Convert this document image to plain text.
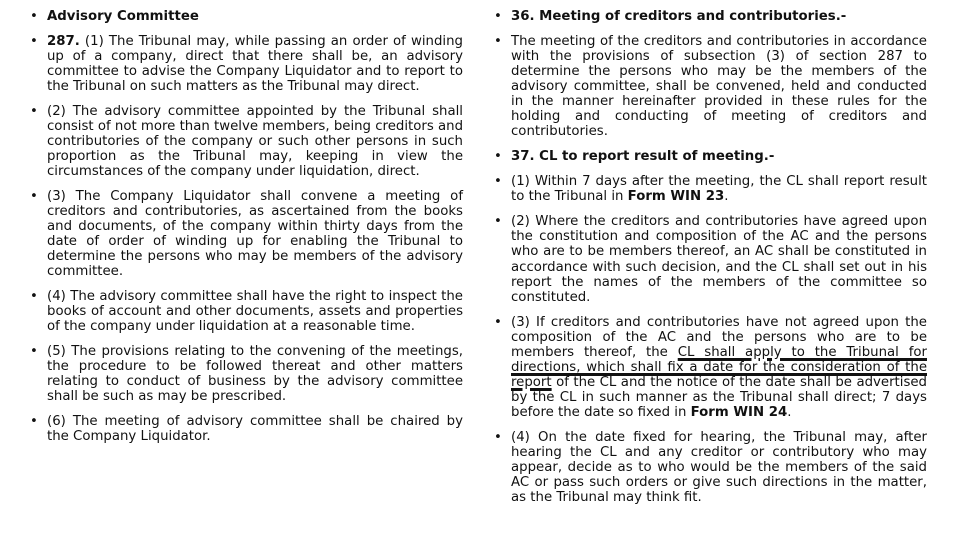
• Advisory Committee
• 287. (1) The Tribunal may, while passing an order of winding up of a company, direct that there shall be, an advisory committee to advise the Company Liquidator and to report to the Tribunal on such matters as the Tribunal may direct.
• (2) The advisory committee appointed by the Tribunal shall consist of not more than twelve members, being creditors and contributories of the company or such other persons in such proportion as the Tribunal may, keeping in view the circumstances of the company under liquidation, direct.
• (3) The Company Liquidator shall convene a meeting of creditors and contributories, as ascertained from the books and documents, of the company within thirty days from the date of order of winding up for enabling the Tribunal to determine the persons who may be members of the advisory committee.
• (4) The advisory committee shall have the right to inspect the books of account and other documents, assets and properties of the company under liquidation at a reasonable time.
• (5) The provisions relating to the convening of the meetings, the procedure to be followed thereat and other matters relating to conduct of business by the advisory committee shall be such as may be prescribed.
• (6) The meeting of advisory committee shall be chaired by the Company Liquidator.
• 36. Meeting of creditors and contributories.-
• The meeting of the creditors and contributories in accordance with the provisions of subsection (3) of section 287 to determine the persons who may be the members of the advisory committee, shall be convened, held and conducted in the manner hereinafter provided in these rules for the holding and conducting of meeting of creditors and contributories.
• 37. CL to report result of meeting.-
• (1) Within 7 days after the meeting, the CL shall report result to the Tribunal in Form WIN 23.
• (2) Where the creditors and contributories have agreed upon the constitution and composition of the AC and the persons who are to be members thereof, an AC shall be constituted in accordance with such decision, and the CL shall set out in his report the names of the members of the committee so constituted.
• (3) If creditors and contributories have not agreed upon the composition of the AC and the persons who are to be members thereof, the CL shall apply to the Tribunal for directions, which shall fix a date for the consideration of the report of the CL and the notice of the date shall be advertised by the CL in such manner as the Tribunal shall direct; 7 days before the date so fixed in Form WIN 24.
• (4) On the date fixed for hearing, the Tribunal may, after hearing the CL and any creditor or contributory who may appear, decide as to who would be the members of the said AC or pass such orders or give such directions in the matter, as the Tribunal may think fit.
